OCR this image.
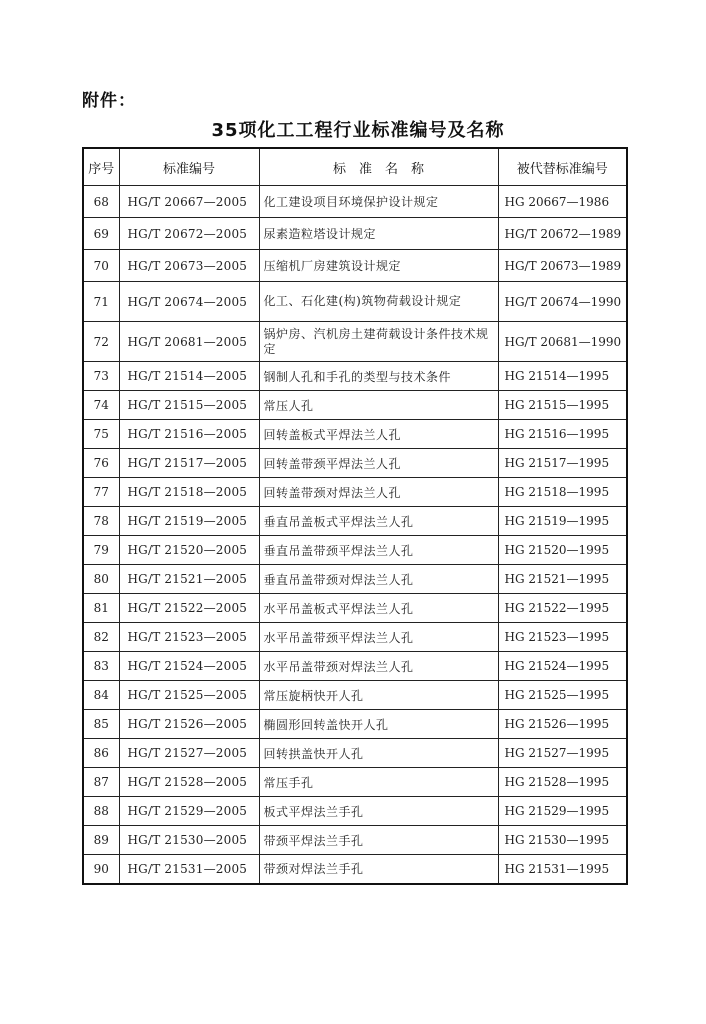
附件：
35项化工工程行业标准编号及名称
序号	标准编号	标　准　名　称	被代替标准编号
68	HG/T 20667—2005	化工建设项目环境保护设计规定	HG 20667—1986
69	HG/T 20672—2005	尿素造粒塔设计规定	HG/T 20672—1989
70	HG/T 20673—2005	压缩机厂房建筑设计规定	HG/T 20673—1989
71	HG/T 20674—2005	化工、石化建(构)筑物荷载设计规定	HG/T 20674—1990
72	HG/T 20681—2005	锅炉房、汽机房土建荷载设计条件技术规定	HG/T 20681—1990
73	HG/T 21514—2005	钢制人孔和手孔的类型与技术条件	HG 21514—1995
74	HG/T 21515—2005	常压人孔	HG 21515—1995
75	HG/T 21516—2005	回转盖板式平焊法兰人孔	HG 21516—1995
76	HG/T 21517—2005	回转盖带颈平焊法兰人孔	HG 21517—1995
77	HG/T 21518—2005	回转盖带颈对焊法兰人孔	HG 21518—1995
78	HG/T 21519—2005	垂直吊盖板式平焊法兰人孔	HG 21519—1995
79	HG/T 21520—2005	垂直吊盖带颈平焊法兰人孔	HG 21520—1995
80	HG/T 21521—2005	垂直吊盖带颈对焊法兰人孔	HG 21521—1995
81	HG/T 21522—2005	水平吊盖板式平焊法兰人孔	HG 21522—1995
82	HG/T 21523—2005	水平吊盖带颈平焊法兰人孔	HG 21523—1995
83	HG/T 21524—2005	水平吊盖带颈对焊法兰人孔	HG 21524—1995
84	HG/T 21525—2005	常压旋柄快开人孔	HG 21525—1995
85	HG/T 21526—2005	椭圆形回转盖快开人孔	HG 21526—1995
86	HG/T 21527—2005	回转拱盖快开人孔	HG 21527—1995
87	HG/T 21528—2005	常压手孔	HG 21528—1995
88	HG/T 21529—2005	板式平焊法兰手孔	HG 21529—1995
89	HG/T 21530—2005	带颈平焊法兰手孔	HG 21530—1995
90	HG/T 21531—2005	带颈对焊法兰手孔	HG 21531—1995
